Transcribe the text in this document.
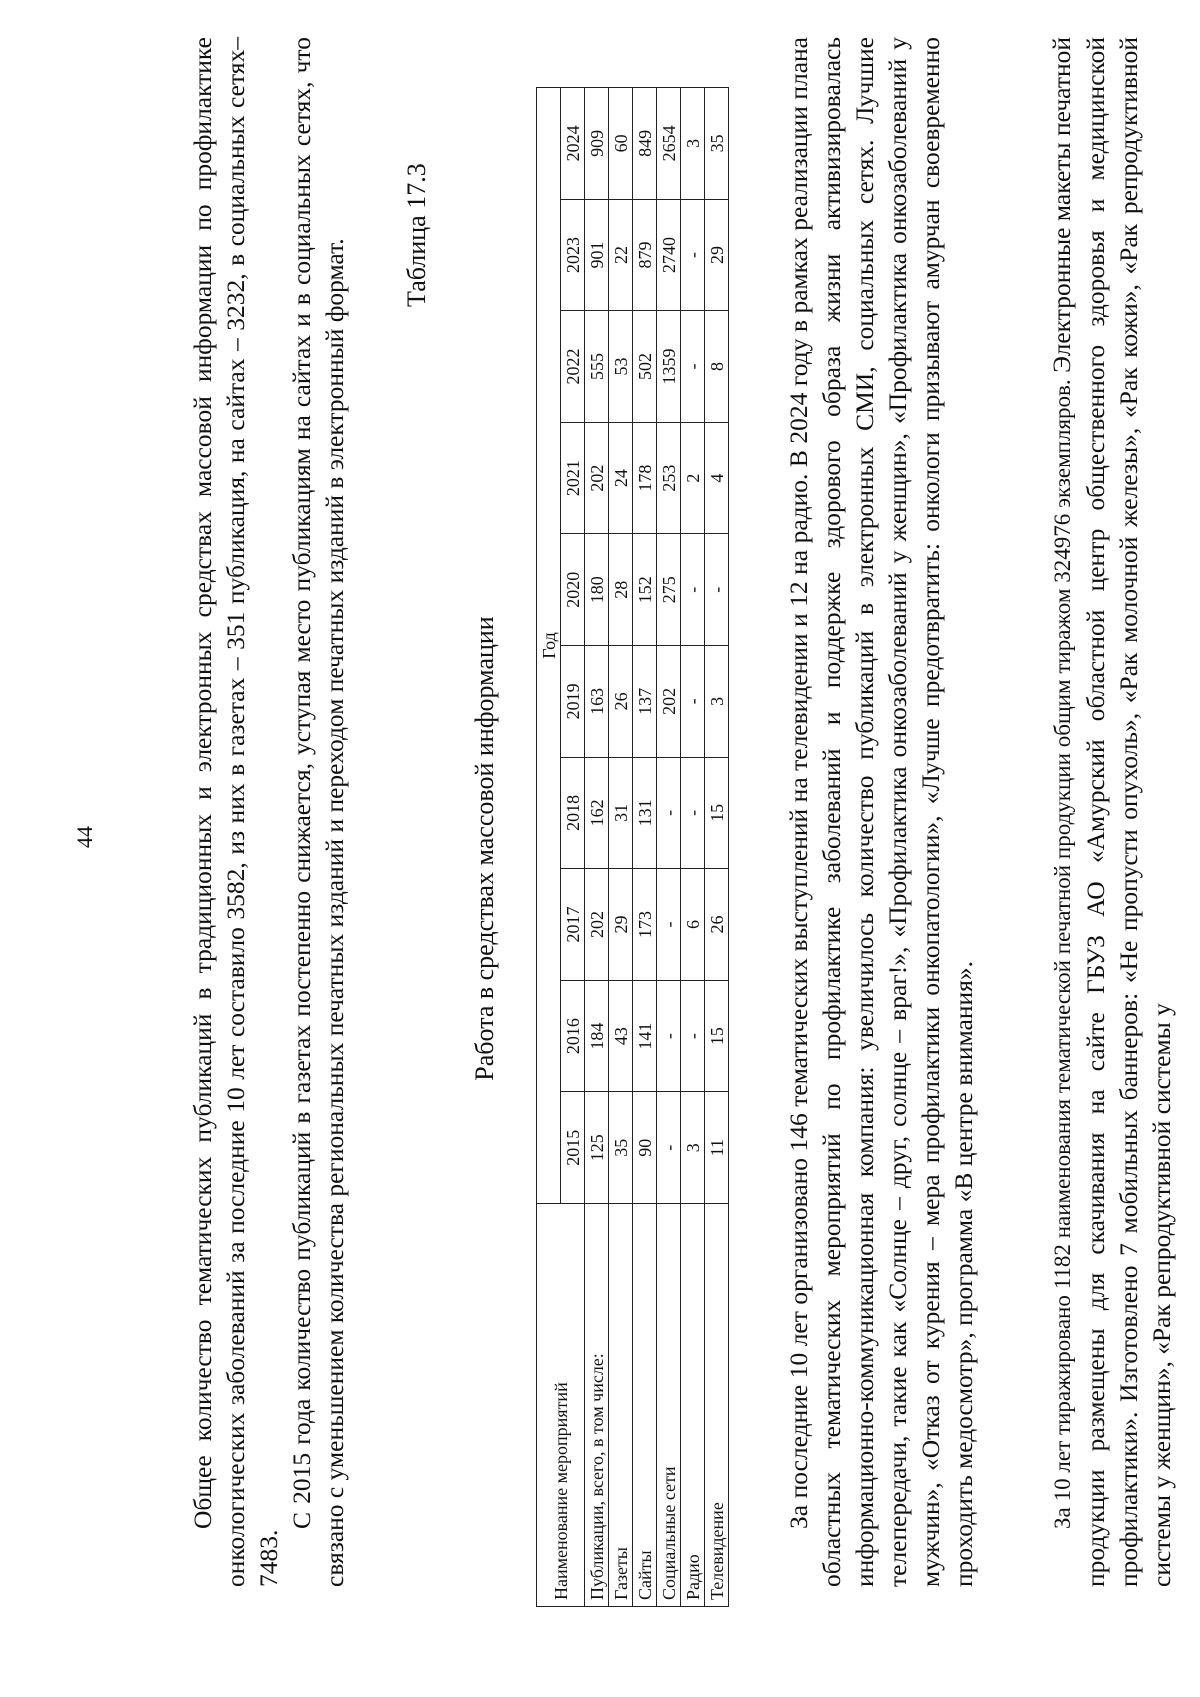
44	Общее количество тематических публикаций в традиционных и электронных средствах массовой информации по профилактике онкологических заболеваний за последние 10 лет составило 3582, из них в газетах – 351 публикация, на сайтах – 3232, в социальных сетях– 7483.
С 2015 года количество публикаций в газетах постепенно снижается, уступая место публикациям на сайтах и в социальных сетях, что связано с уменьшением количества региональных печатных изданий и переходом печатных изданий в электронный формат.
Таблица 17.3
Работа в средствах массовой информации
Наименование мероприятий	Год									
	2015	2016	2017	2018	2019	2020	2021	2022	2023	2024
Публикации, всего, в том числе:	125	184	202	162	163	180	202	555	901	909
Газеты	35	43	29	31	26	28	24	53	22	60
Сайты	90	141	173	131	137	152	178	502	879	849
Социальные сети	-	-	-	-	202	275	253	1359	2740	2654
Радио	3	-	6	-	-	-	2	-	-	3
Телевидение	11	15	26	15	3	-	4	8	29	35 За последние 10 лет организовано 146 тематических выступлений на телевидении и 12 на радио. В 2024 году в рамках реализации плана областных тематических мероприятий по профилактике заболеваний и поддержке здорового образа жизни активизировалась информационно-коммуникационная компания: увеличилось количество публикаций в электронных СМИ, социальных сетях. Лучшие телепередачи, такие как «Солнце – друг, солнце – враг!», «Профилактика онкозаболеваний у женщин», «Профилактика онкозаболеваний у мужчин», «Отказ от курения – мера профилактики онкопатологии», «Лучше предотвратить: онкологи призывают амурчан своевременно проходить медосмотр», программа «В центре внимания».	За 10 лет тиражировано 1182 наименования тематической печатной продукции общим тиражом 324976 экземпляров. Электронные макеты печатной продукции размещены для скачивания на сайте ГБУЗ АО «Амурский областной центр общественного здоровья и медицинской профилактики». Изготовлено 7 мобильных баннеров: «Не пропусти опухоль», «Рак молочной железы», «Рак кожи», «Рак репродуктивной системы у женщин», «Рак репродуктивной системы у
